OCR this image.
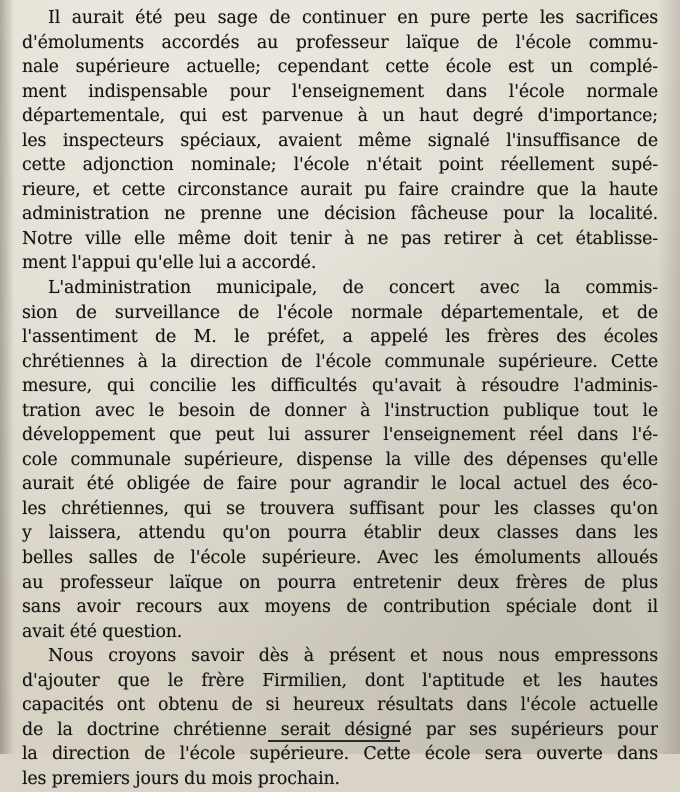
Il aurait été peu sage de continuer en pure perte les sacrifices
d'émoluments accordés au professeur laïque de l'école commu-
nale supérieure actuelle; cependant cette école est un complé-
ment indispensable pour l'enseignement dans l'école normale
départementale, qui est parvenue à un haut degré d'importance;
les inspecteurs spéciaux, avaient même signalé l'insuffisance de
cette adjonction nominale; l'école n'était point réellement supé-
rieure, et cette circonstance aurait pu faire craindre que la haute
administration ne prenne une décision fâcheuse pour la localité.
Notre ville elle même doit tenir à ne pas retirer à cet établisse-
ment l'appui qu'elle lui a accordé.
L'administration municipale, de concert avec la commis-
sion de surveillance de l'école normale départementale, et de
l'assentiment de M. le préfet, a appelé les frères des écoles
chrétiennes à la direction de l'école communale supérieure. Cette
mesure, qui concilie les difficultés qu'avait à résoudre l'adminis-
tration avec le besoin de donner à l'instruction publique tout le
développement que peut lui assurer l'enseignement réel dans l'é-
cole communale supérieure, dispense la ville des dépenses qu'elle
aurait été obligée de faire pour agrandir le local actuel des éco-
les chrétiennes, qui se trouvera suffisant pour les classes qu'on
y laissera, attendu qu'on pourra établir deux classes dans les
belles salles de l'école supérieure. Avec les émoluments alloués
au professeur laïque on pourra entretenir deux frères de plus
sans avoir recours aux moyens de contribution spéciale dont il
avait été question.
Nous croyons savoir dès à présent et nous nous empressons
d'ajouter que le frère Firmilien, dont l'aptitude et les hautes
capacités ont obtenu de si heureux résultats dans l'école actuelle
de la doctrine chrétienne serait désigné par ses supérieurs pour
la direction de l'école supérieure. Cette école sera ouverte dans
les premiers jours du mois prochain.
